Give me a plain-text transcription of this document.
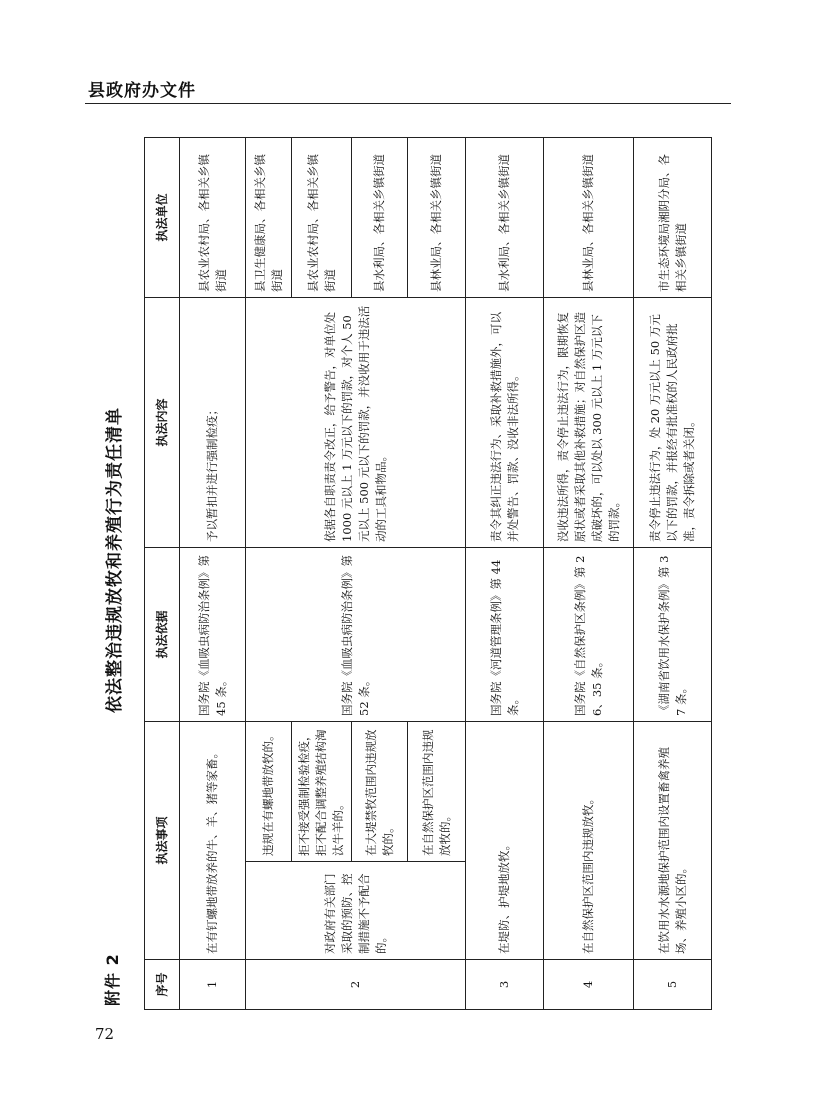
县政府办文件
72
附件 2
依法整治违规放牧和养殖行为责任清单
序号	执法事项		执法依据	执法内容	执法单位
1	在有钉螺地带放养的牛、羊、猪等家畜。		国务院《血吸虫病防治条例》第 45 条。	予以暂扣并进行强制检疫；	县农业农村局、各相关乡镇街道
2	对政府有关部门采取的预防、控制措施不予配合的。	违规在有螺地带放牧的。	国务院《血吸虫病防治条例》第 52 条。	依据各自职责责令改正，给予警告，对单位处 1000 元以上 1 万元以下的罚款，对个人 50 元以上 500 元以下的罚款，并没收用于违法活动的工具和物品。	县卫生健康局、各相关乡镇街道
		拒不接受强制检验检疫，拒不配合调整养殖结构淘汰牛羊的。			县农业农村局、各相关乡镇街道
		在大堤禁牧范围内违规放牧的。			县水利局、各相关乡镇街道
		在自然保护区范围内违规放牧的。			县林业局、各相关乡镇街道
3	在堤防、护堤地放牧。		国务院《河道管理条例》第 44 条。	责令其纠正违法行为、采取补救措施外，可以并处警告、罚款、没收非法所得。	县水利局、各相关乡镇街道
4	在自然保护区范围内违规放牧。		国务院《自然保护区条例》第 26、35 条。	没收违法所得，责令停止违法行为，限期恢复原状或者采取其他补救措施；对自然保护区造成破坏的，可以处以 300 元以上 1 万元以下的罚款。	县林业局、各相关乡镇街道
5	在饮用水水源地保护范围内设置畜禽养殖场、养殖小区的。		《湖南省饮用水保护条例》第 37 条。	责令停止违法行为，处 20 万元以上 50 万元以下的罚款，并报经有批准权的人民政府批准，责令拆除或者关闭。	市生态环境局湘阴分局、各相关乡镇街道
